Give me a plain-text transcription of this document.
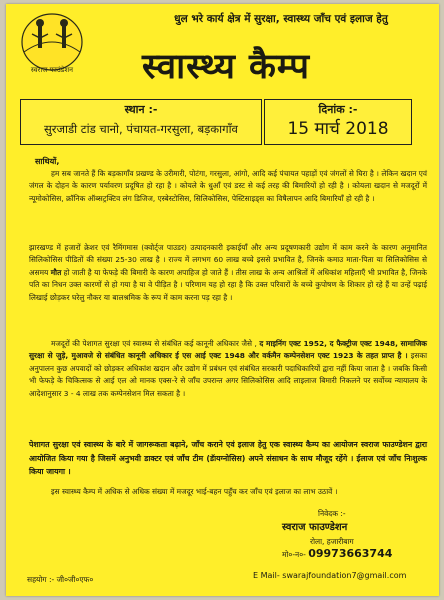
स्वराज फाउंडेशन
धुल भरे कार्य क्षेत्र में सुरक्षा, स्वास्थ्य जाँच एवं इलाज हेतु
स्वास्थ्य कैम्प
स्थान :-
सुरजाडी टांड चानो, पंचायत-गरसुला, बड़कागाँव
दिनांक :-
15 मार्च 2018
साथियों,

हम सब जानते हैं कि बड़कागाँव प्रखण्ड के उरीमारी, पोटंगा, गरसुला, आंगो, आदि कई पंचायत पहाड़ों एवं जंगलों से घिरा है । लेकिन खदान एवं जंगल के दोहन के कारण पर्यावरण प्रदूषित हो रहा है । कोयले के धुआँ एवं डस्ट से कई तरह की बिमारियों हो रही है । कोयला खदान से मजदूरों में न्यूमोकोसिस, क्रॉनिक ऑब्सट्रक्टिव लंग डिजिज, एस्बेस्टोसिस, सिलिकोसिस, पेस्टिसाइड्स का विषैलापन आदि बिमारियाँ हो रही है ।

झारखण्ड में हजारों क्रेशर एवं रैमिंगमास (क्वोर्ट्ज पाउडर) उत्पादनकारी इकाईयाँ और अन्य प्रदूषणकारी उद्योग में काम करने के कारण अनुमानित सिलिकोसिस पीडितों की संख्या 25-30 लाख है । राज्य में लगभग 60 लाख बच्चे इससे प्रभावित है, जिनके कमाउ माता-पिता या सिलिकोसिस से असमय मौत हो जाती है या फेफड़े की बिमारी के कारण अपाहिज हो जाते हैं । तीस लाख के अन्य आश्रितों में अधिकांश महिलाएँ भी प्रभावित है, जिनके पति का निधन उक्त कारणों से हो गया है या वे पीड़ित है । परिणाम यह हो रहा है कि उक्त परिवारों के बच्चे कुपोषण के शिकार हो रहे हैं या उन्हें पढ़ाई लिखाई छोड़कर घरेलु नौकर या बालश्रमिक के रूप में काम करना पड़ रहा है ।

मजदूरों की पेशागत सुरक्षा एवं स्वास्थ्य से संबंधित कई कानूनी अधिकार जैसे , द माइनिंग एक्ट 1952, द फैक्ट्रीज एक्ट 1948, सामाजिक सुरक्षा से जुड़े, मुआवजे से संबंधित कानूनी अधिकार ई एस आई एक्ट 1948 और वर्कमैन कम्पेनसेशन एक्ट 1923 के तहत प्राप्त है । इसका अनुपालन कुछ अपवादों को छोड़कर अधिकांश खदान और उद्योग में प्रबंधन एवं संबंधित सरकारी पदाधिकारियों द्वारा नहीं किया जाता है । जबकि किसी भी फेफड़े के चिकित्सक से आई एल ओ मानक एक्स-रे से जाँच उपरान्त अगर सिलिकोसिस आदि लाइलाज बिमारी निकलने पर सर्वोच्च न्यायालय के आदेशानुसार 3 - 4 लाख तक कम्पेनसेशन मिल सकता है ।

पेशागत सुरक्षा एवं स्वास्थ्य के बारे में जागरूकता बढ़ाने, जाँच कराने एवं इलाज हेतु एक स्वास्थ्य कैम्प का आयोजन स्वराज फाउण्डेशन द्वारा आयोजित किया गया है जिसमें अनुभवी डाक्टर एवं जाँच टीम (डॅायग्नोसिस) अपने संसाधन के साथ मौजूद रहेंगे । ईलाज एवं जाँच निःशुल्क किया जायगा ।

इस स्वास्थ्य कैम्प में अधिक से अधिक संख्या में मजदूर भाई-बहन पहुँच कर जाँच एवं इलाज का लाभ उठावें ।

निवेदक :-
स्वराज फाउण्डेशन
रोला, हजारीबाग
मो०-न०- 09973663744
E Mail- swarajfoundation7@gmail.com
सहयोग :- जी०जी०एफ०
